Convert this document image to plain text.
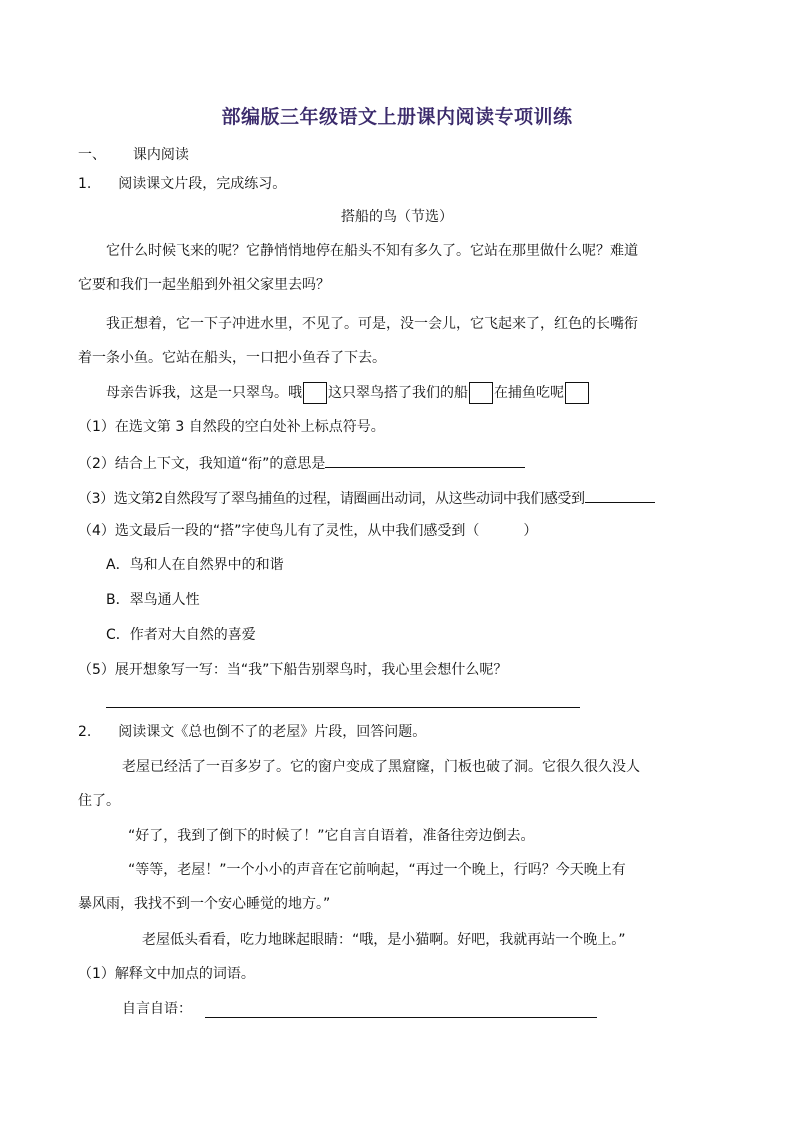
部编版三年级语文上册课内阅读专项训练
一、 课内阅读
1. 阅读课文片段，完成练习。
搭船的鸟（节选）
它什么时候飞来的呢？它静悄悄地停在船头不知有多久了。它站在那里做什么呢？难道
它要和我们一起坐船到外祖父家里去吗？
我正想着，它一下子冲进水里，不见了。可是，没一会儿，它飞起来了，红色的长嘴衔
着一条小鱼。它站在船头，一口把小鱼吞了下去。
母亲告诉我，这是一只翠鸟。哦 这只翠鸟搭了我们的船 在捕鱼吃呢
（1）在选文第 3 自然段的空白处补上标点符号。
（2）结合上下文，我知道“衔”的意思是
（3）选文第2自然段写了翠鸟捕鱼的过程，请圈画出动词，从这些动词中我们感受到
（4）选文最后一段的“搭”字使鸟儿有了灵性，从中我们感受到（	）
A．鸟和人在自然界中的和谐
B．翠鸟通人性
C．作者对大自然的喜爱
（5）展开想象写一写：当“我”下船告别翠鸟时，我心里会想什么呢？
2. 阅读课文《总也倒不了的老屋》片段，回答问题。
老屋已经活了一百多岁了。它的窗户变成了黑窟窿，门板也破了洞。它很久很久没人
住了。
“好了，我到了倒下的时候了！”它自言自语着，准备往旁边倒去。
“等等，老屋！”一个小小的声音在它前响起，“再过一个晚上，行吗？今天晚上有
暴风雨，我找不到一个安心睡觉的地方。”
老屋低头看看，吃力地眯起眼睛：“哦，是小猫啊。好吧，我就再站一个晚上。”
（1）解释文中加点的词语。
自言自语：
